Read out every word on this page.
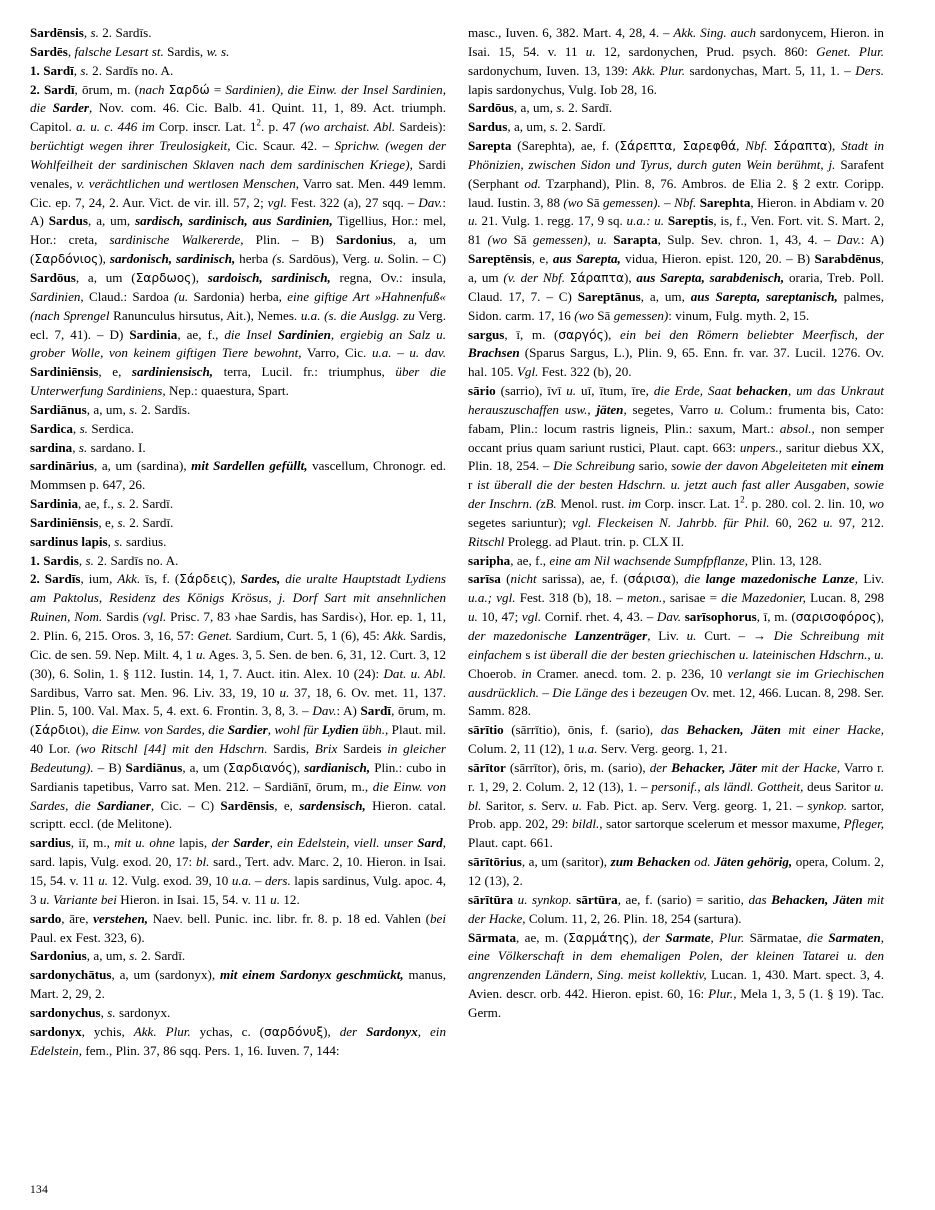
Sardēnsis, s. 2. Sardīs.

Sardēs, falsche Lesart st. Sardis, w. s.

1. Sardī, s. 2. Sardīs no. A.

2. Sardī, ōrum, m. (nach Σαρδώ = Sardinien), die Einw. der Insel Sardinien, die Sarder, Nov. com. 46. Cic. Balb. 41. Quint. 11, 1, 89. Act. triumph. Capitol. a. u. c. 446 im Corp. inscr. Lat. $1^2$. p. 47 (wo archaist. Abl. Sardeis): berüchtigt wegen ihrer Treulosigkeit, Cic. Scaur. 42. – Sprichw. (wegen der Wohlfeilheit der sardinischen Sklaven nach dem sardinischen Kriege), Sardi venales, v. verächtlichen und wertlosen Menschen, Varro sat. Men. 449 lemm. Cic. ep. 7, 24, 2. Aur. Vict. de vir. ill. 57, 2; vgl. Fest. 322 (a), 27 sqq. – Dav.: A) Sardus, a, um, sardisch, sardinisch, aus Sardinien, Tigellius, Hor.: mel, Hor.: creta, sardinische Walkererde, Plin. – B) Sardonius, a, um (Σαρδόνιος), sardonisch, sardinisch, herba (s. Sardōus), Verg. u. Solin. – C) Sardōus, a, um (Σαρδωος), sardoisch, sardinisch, regna, Ov.: insula, Sardinien, Claud.: Sardoa (u. Sardonia) herba, eine giftige Art »Hahnenfuß« (nach Sprengel Ranunculus hirsutus, Ait.), Nemes. u.a. (s. die Auslgg. zu Verg. ecl. 7, 41). – D) Sardinia, ae, f., die Insel Sardinien, ergiebig an Salz u. grober Wolle, von keinem giftigen Tiere bewohnt, Varro, Cic. u.a. – u. dav. Sardiniēnsis, e, sardiniensisch, terra, Lucil. fr.: triumphus, über die Unterwerfung Sardiniens, Nep.: quaestura, Spart.

Sardiānus, a, um, s. 2. Sardīs.

Sardica, s. Serdica.

sardina, s. sardano. I.

sardinārius, a, um (sardina), mit Sardellen gefüllt, vascellum, Chronogr. ed. Mommsen p. 647, 26.

Sardinia, ae, f., s. 2. Sardī.

Sardiniēnsis, e, s. 2. Sardī.

sardinus lapis, s. sardius.

1. Sardis, s. 2. Sardīs no. A.

2. Sardīs, ium, Akk. īs, f. (Σάρδεις), Sardes, die uralte Hauptstadt Lydiens am Paktolus, Residenz des Königs Krösus, j. Dorf Sart mit ansehnlichen Ruinen, Nom. Sardis (vgl. Prisc. 7, 83 ›hae Sardis, has Sardis‹), Hor. ep. 1, 11, 2. Plin. 6, 215. Oros. 3, 16, 57: Genet. Sardium, Curt. 5, 1 (6), 45: Akk. Sardis, Cic. de sen. 59. Nep. Milt. 4, 1 u. Ages. 3, 5. Sen. de ben. 6, 31, 12. Curt. 3, 12 (30), 6. Solin, 1. § 112. Iustin. 14, 1, 7. Auct. itin. Alex. 10 (24): Dat. u. Abl. Sardibus, Varro sat. Men. 96. Liv. 33, 19, 10 u. 37, 18, 6. Ov. met. 11, 137. Plin. 5, 100. Val. Max. 5, 4. ext. 6. Frontin. 3, 8, 3. – Dav.: A) Sardī, ōrum, m. (Σάρδιοι), die Einw. von Sardes, die Sardier, wohl für Lydien übh., Plaut. mil. 40 Lor. (wo Ritschl [44] mit den Hdschrn. Sardis, Brix Sardeis in gleicher Bedeutung). – B) Sardiānus, a, um (Σαρδιανός), sardianisch, Plin.: cubo in Sardianis tapetibus, Varro sat. Men. 212. – Sardiānī, ōrum, m., die Einw. von Sardes, die Sardianer, Cic. – C) Sardēnsis, e, sardensisch, Hieron. catal. scriptt. eccl. (de Melitone).

sardius, iī, m., mit u. ohne lapis, der Sarder, ein Edelstein, viell. unser Sard, sard. lapis, Vulg. exod. 20, 17: bl. sard., Tert. adv. Marc. 2, 10. Hieron. in Isai. 15, 54. v. 11 u. 12. Vulg. exod. 39, 10 u.a. – ders. lapis sardinus, Vulg. apoc. 4, 3 u. Variante bei Hieron. in Isai. 15, 54. v. 11 u. 12.

sardo, āre, verstehen, Naev. bell. Punic. inc. libr. fr. 8. p. 18 ed. Vahlen (bei Paul. ex Fest. 323, 6).

Sardonius, a, um, s. 2. Sardī.

sardonychātus, a, um (sardonyx), mit einem Sardonyx geschmückt, manus, Mart. 2, 29, 2.

sardonychus, s. sardonyx.

sardonyx, ychis, Akk. Plur. ychas, c. (σαρδόνυξ), der Sardonyx, ein Edelstein, fem., Plin. 37, 86 sqq. Pers. 1, 16. Iuven. 7, 144:

masc., Iuven. 6, 382. Mart. 4, 28, 4. – Akk. Sing. auch sardonycem, Hieron. in Isai. 15, 54. v. 11 u. 12, sardonychen, Prud. psych. 860: Genet. Plur. sardonychum, Iuven. 13, 139: Akk. Plur. sardonychas, Mart. 5, 11, 1. – Ders. lapis sardonychus, Vulg. Iob 28, 16.

Sardōus, a, um, s. 2. Sardī.

Sardus, a, um, s. 2. Sardī.

Sarepta (Sarephta), ae, f. (Σάρεπτα, Σαρεφθά, Nbf. Σάραπτα), Stadt in Phönizien, zwischen Sidon und Tyrus, durch guten Wein berühmt, j. Sarafent (Serphant od. Tzarphand), Plin. 8, 76. Ambros. de Elia 2. § 2 extr. Coripp. laud. Iustin. 3, 88 (wo Sā gemessen). – Nbf. Sarephta, Hieron. in Abdiam v. 20 u. 21. Vulg. 1. regg. 17, 9 sq. u.a.: u. Sareptis, is, f., Ven. Fort. vit. S. Mart. 2, 81 (wo Sā gemessen), u. Sarapta, Sulp. Sev. chron. 1, 43, 4. – Dav.: A) Sareptēnsis, e, aus Sarepta, vidua, Hieron. epist. 120, 20. – B) Sarabdēnus, a, um (v. der Nbf. Σάραπτα), aus Sarepta, sarabdenisch, oraria, Treb. Poll. Claud. 17, 7. – C) Sareptānus, a, um, aus Sarepta, sareptanisch, palmes, Sidon. carm. 17, 16 (wo Sā gemessen): vinum, Fulg. myth. 2, 15.

sargus, ī, m. (σαργός), ein bei den Römern beliebter Meerfisch, der Brachsen (Sparus Sargus, L.), Plin. 9, 65. Enn. fr. var. 37. Lucil. 1276. Ov. hal. 105. Vgl. Fest. 322 (b), 20.

sārio (sarrio), īvī u. uī, ītum, īre, die Erde, Saat behacken, um das Unkraut herauszuschaffen usw., jäten, segetes, Varro u. Colum.: frumenta bis, Cato: fabam, Plin.: locum rastris ligneis, Plin.: saxum, Mart.: absol., non semper occant prius quam sariunt rustici, Plaut. capt. 663: unpers., saritur diebus XX, Plin. 18, 254. – Die Schreibung sario, sowie der davon Abgeleiteten mit einem r ist überall die der besten Hdschrn. u. jetzt auch fast aller Ausgaben, sowie der Inschrn. (zB. Menol. rust. im Corp. inscr. Lat. $1^2$. p. 280. col. 2. lin. 10, wo segetes sariuntur); vgl. Fleckeisen N. Jahrbb. für Phil. 60, 262 u. 97, 212. Ritschl Prolegg. ad Plaut. trin. p. CLX II.

saripha, ae, f., eine am Nil wachsende Sumpfpflanze, Plin. 13, 128.

sarīsa (nicht sarissa), ae, f. (σάρισα), die lange mazedonische Lanze, Liv. u.a.; vgl. Fest. 318 (b), 18. – meton., sarisae = die Mazedonier, Lucan. 8, 298 u. 10, 47; vgl. Cornif. rhet. 4, 43. – Dav. sarīsophorus, ī, m. (σαρισοφόρος), der mazedonische Lanzenträger, Liv. u. Curt. – → Die Schreibung mit einfachem s ist überall die der besten griechischen u. lateinischen Hdschrn., u. Choerob. in Cramer. anecd. tom. 2. p. 236, 10 verlangt sie im Griechischen ausdrücklich. – Die Länge des i bezeugen Ov. met. 12, 466. Lucan. 8, 298. Ser. Samm. 828.

sārītio (sārrītio), ōnis, f. (sario), das Behacken, Jäten mit einer Hacke, Colum. 2, 11 (12), 1 u.a. Serv. Verg. georg. 1, 21.

sārītor (sārrītor), ōris, m. (sario), der Behacker, Jäter mit der Hacke, Varro r. r. 1, 29, 2. Colum. 2, 12 (13), 1. – personif., als ländl. Gottheit, deus Saritor u. bl. Saritor, s. Serv. u. Fab. Pict. ap. Serv. Verg. georg. 1, 21. – synkop. sartor, Prob. app. 202, 29: bildl., sator sartorque scelerum et messor maxume, Pfleger, Plaut. capt. 661.

sārītōrius, a, um (saritor), zum Behacken od. Jäten gehörig, opera, Colum. 2, 12 (13), 2.

sārītūra u. synkop. sārtūra, ae, f. (sario) = saritio, das Behacken, Jäten mit der Hacke, Colum. 11, 2, 26. Plin. 18, 254 (sartura).

Sārmata, ae, m. (Σαρμάτης), der Sarmate, Plur. Sārmatae, die Sarmaten, eine Völkerschaft in dem ehemaligen Polen, der kleinen Tatarei u. den angrenzenden Ländern, Sing. meist kollektiv, Lucan. 1, 430. Mart. spect. 3, 4. Avien. descr. orb. 442. Hieron. epist. 60, 16: Plur., Mela 1, 3, 5 (1. § 19). Tac. Germ.

134
